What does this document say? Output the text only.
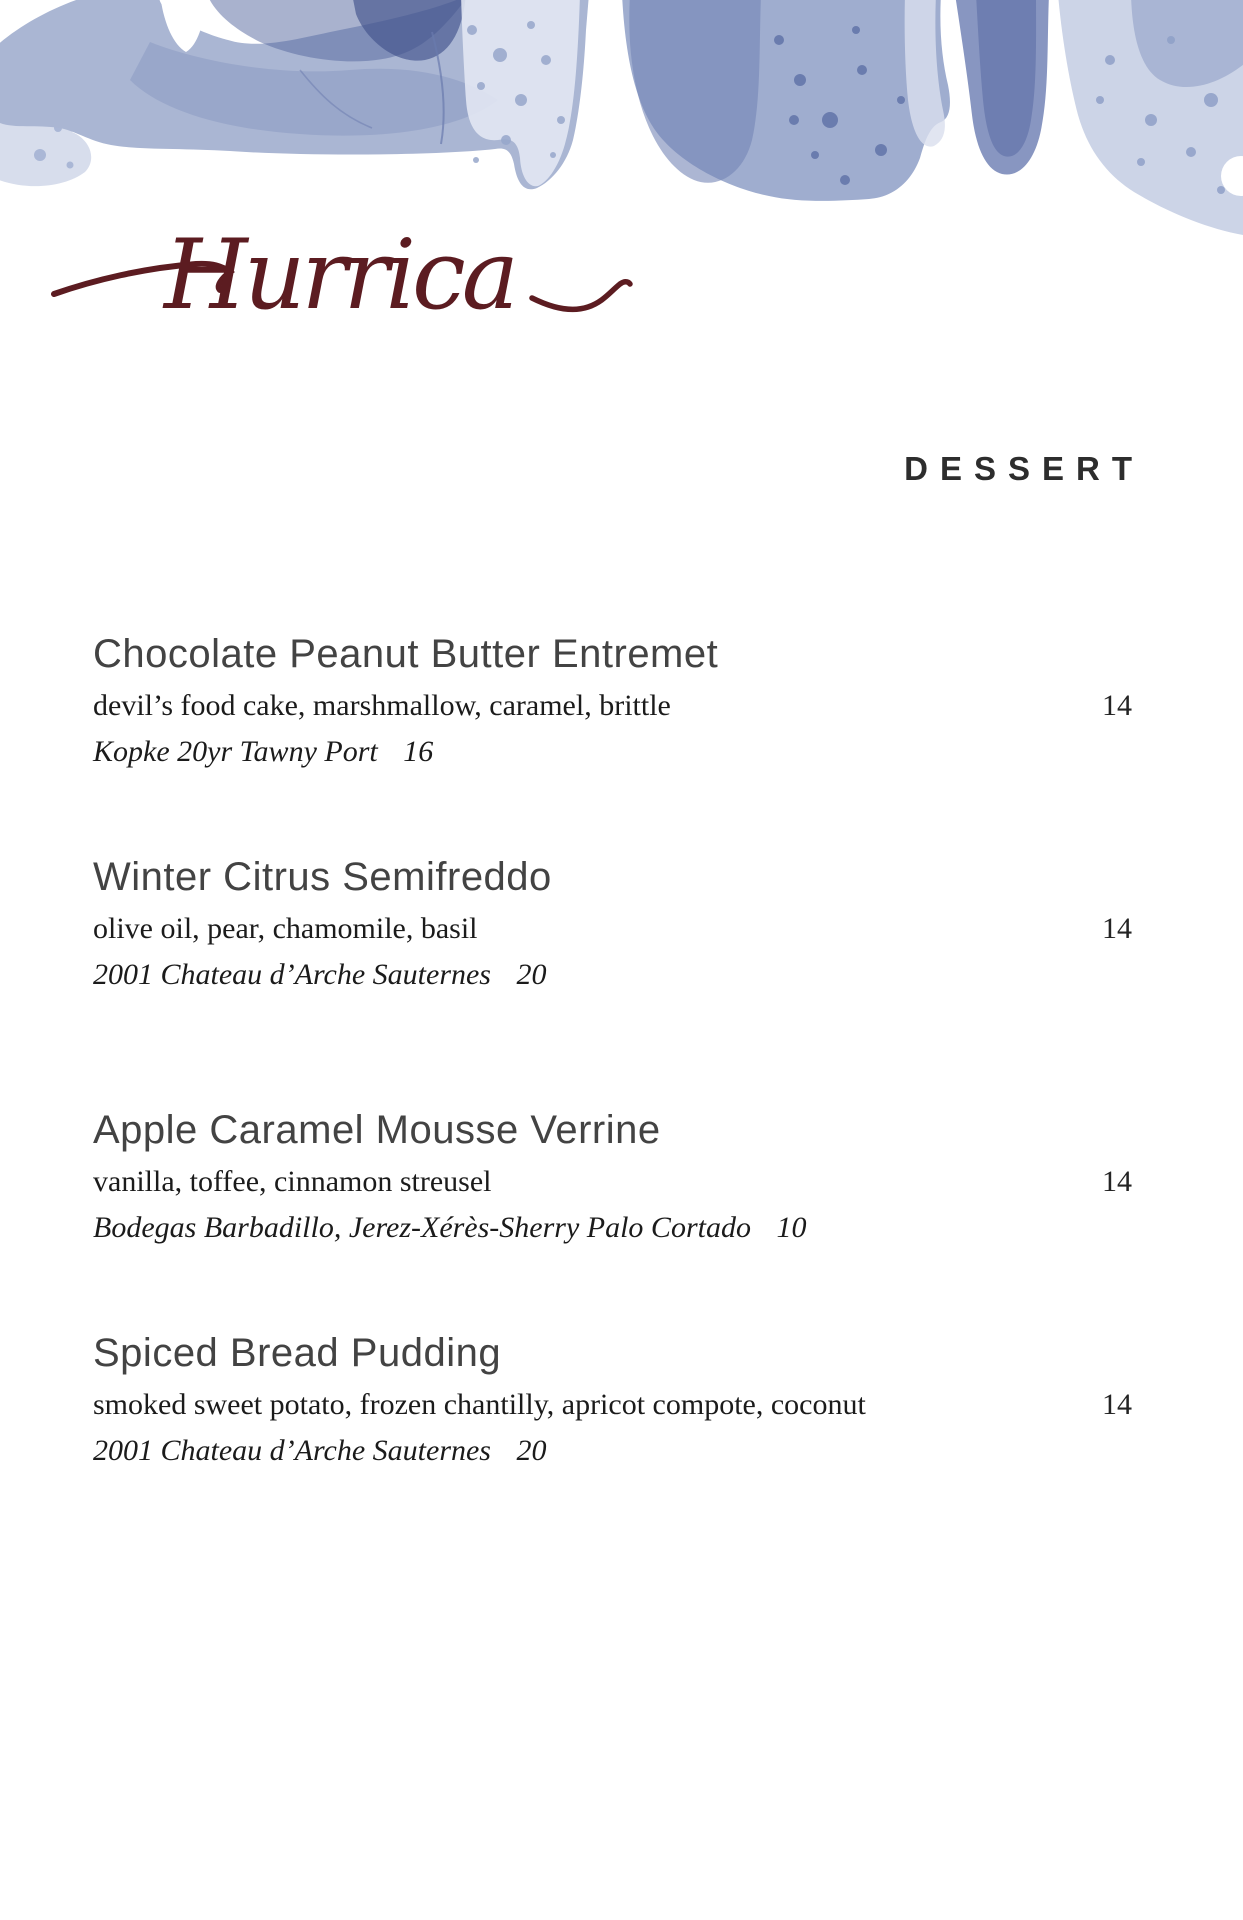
Hurrica
DESSERT
Chocolate Peanut Butter Entremet
devil’s food cake, marshmallow, caramel, brittle	14
Kopke 20yr Tawny Port 16
Winter Citrus Semifreddo
olive oil, pear, chamomile, basil	14
2001 Chateau d’Arche Sauternes 20
Apple Caramel Mousse Verrine
vanilla, toffee, cinnamon streusel	14
Bodegas Barbadillo, Jerez-Xérès-Sherry Palo Cortado 10
Spiced Bread Pudding
smoked sweet potato, frozen chantilly, apricot compote, coconut	14
2001 Chateau d’Arche Sauternes 20
